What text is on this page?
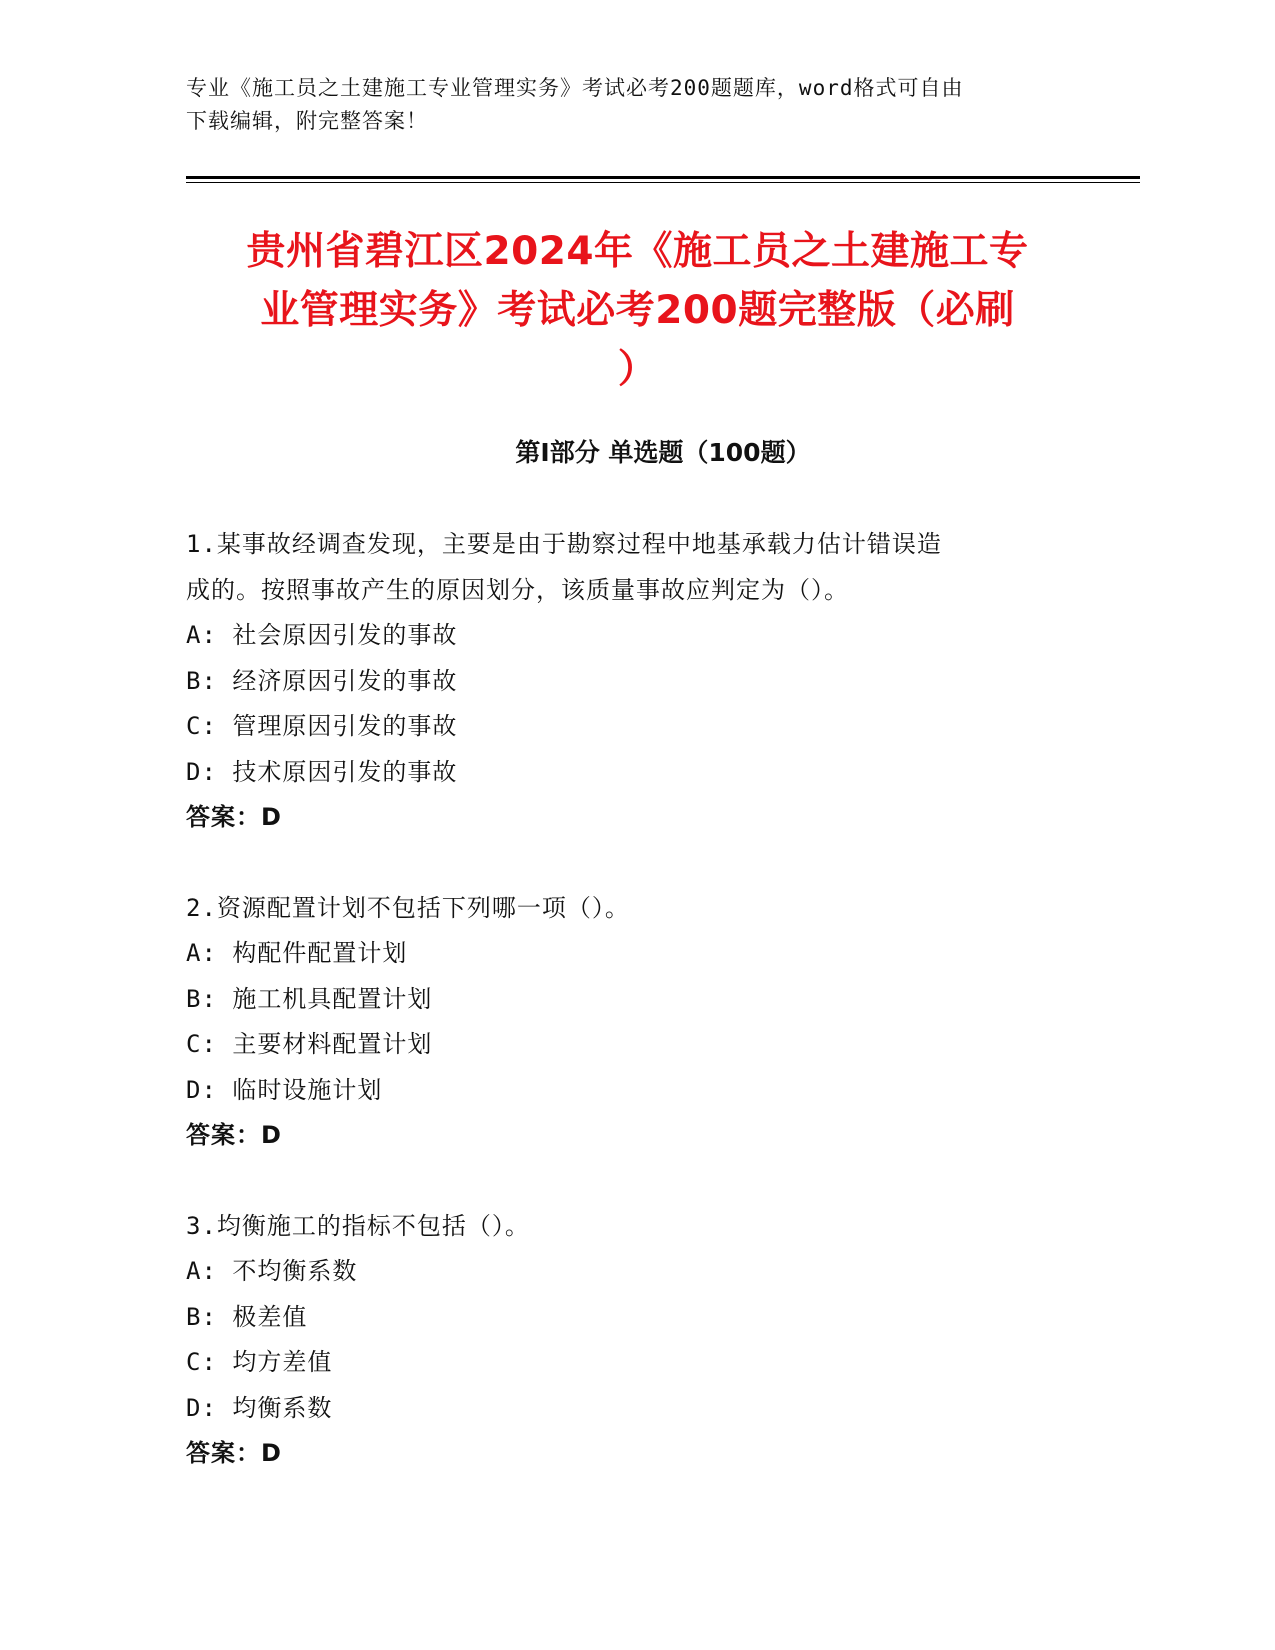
专业《施工员之土建施工专业管理实务》考试必考200题题库，word格式可自由
下载编辑，附完整答案！
贵州省碧江区2024年《施工员之土建施工专
业管理实务》考试必考200题完整版（必刷
）
第Ⅰ部分 单选题（100题）
1.某事故经调查发现，主要是由于勘察过程中地基承载力估计错误造
成的。按照事故产生的原因划分，该质量事故应判定为（）。
A: 社会原因引发的事故
B: 经济原因引发的事故
C: 管理原因引发的事故
D: 技术原因引发的事故
答案：D
2.资源配置计划不包括下列哪一项（）。
A: 构配件配置计划
B: 施工机具配置计划
C: 主要材料配置计划
D: 临时设施计划
答案：D
3.均衡施工的指标不包括（）。
A: 不均衡系数
B: 极差值
C: 均方差值
D: 均衡系数
答案：D
